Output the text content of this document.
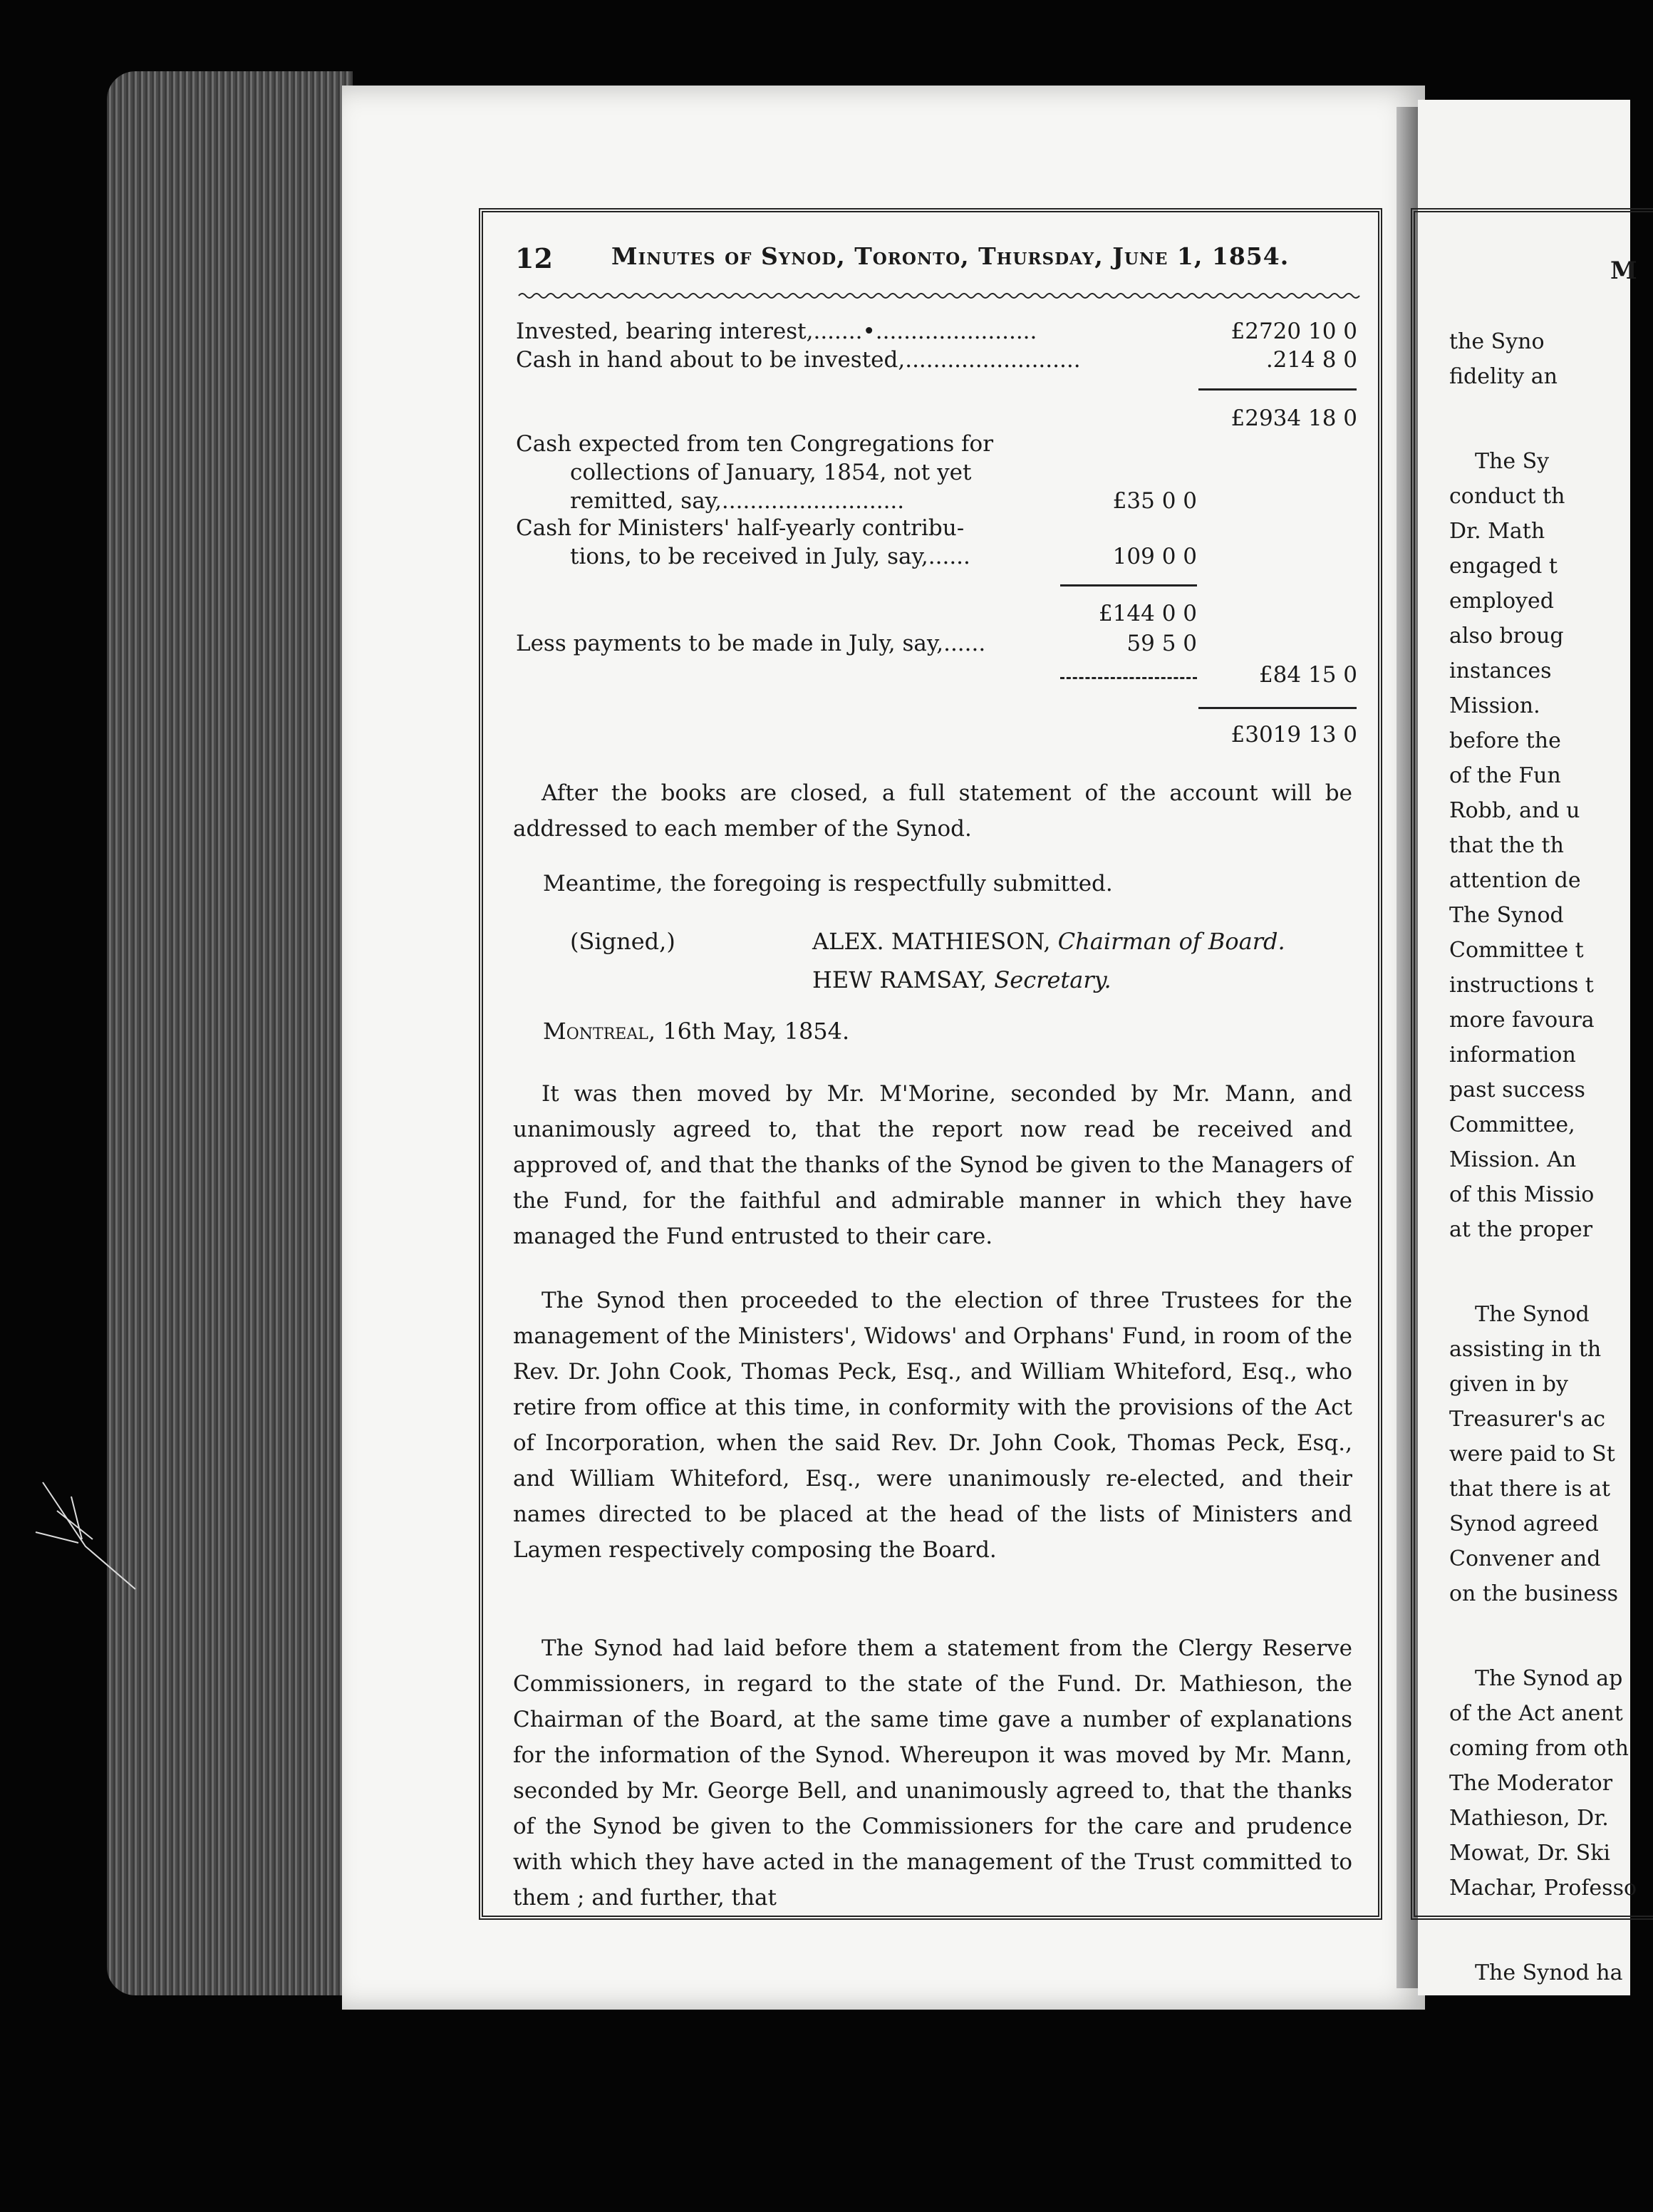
12 Minutes of Synod, Toronto, Thursday, June 1, 1854.
Invested, bearing interest,.......•.......................	£2720 10 0
Cash in hand about to be invested,.........................	.214 8 0
£2934 18 0
Cash expected from ten Congregations for
collections of January, 1854, not yet
remitted, say,..........................	£35 0 0
Cash for Ministers' half-yearly contribu-
tions, to be received in July, say,......	109 0 0
£144 0 0
Less payments to be made in July, say,......	59 5 0
£84 15 0
£3019 13 0

After the books are closed, a full statement of the account will be addressed to each member of the Synod.

Meantime, the foregoing is respectfully submitted.
(Signed,)	ALEX. MATHIESON, Chairman of Board.
HEW RAMSAY, Secretary.
Montreal, 16th May, 1854.

It was then moved by Mr. M'Morine, seconded by Mr. Mann, and unanimously agreed to, that the report now read be received and approved of, and that the thanks of the Synod be given to the Managers of the Fund, for the faithful and admirable manner in which they have managed the Fund entrusted to their care.

The Synod then proceeded to the election of three Trustees for the management of the Ministers', Widows' and Orphans' Fund, in room of the Rev. Dr. John Cook, Thomas Peck, Esq., and William Whiteford, Esq., who retire from office at this time, in conformity with the provisions of the Act of Incorporation, when the said Rev. Dr. John Cook, Thomas Peck, Esq., and William Whiteford, Esq., were unanimously re-elected, and their names directed to be placed at the head of the lists of Ministers and Laymen respectively composing the Board.

The Synod had laid before them a statement from the Clergy Reserve Commissioners, in regard to the state of the Fund. Dr. Mathieson, the Chairman of the Board, at the same time gave a number of explanations for the information of the Synod. Whereupon it was moved by Mr. Mann, seconded by Mr. George Bell, and unanimously agreed to, that the thanks of the Synod be given to the Commissioners for the care and prudence with which they have acted in the management of the Trust committed to them ; and further, that

M
the Syno
fidelity an
The Sy
conduct th
Dr. Math
engaged t
employed
also broug
instances
Mission.
before the
of the Fun
Robb, and u
that the th
attention de
The Synod
Committee t
instructions t
more favoura
information
past success
Committee,
Mission. An
of this Missio
at the proper
The Synod
assisting in th
given in by
Treasurer's ac
were paid to St
that there is at
Synod agreed
Convener and
on the business
The Synod ap
of the Act anent
coming from oth
The Moderator
Mathieson, Dr.
Mowat, Dr. Ski
Machar, Professo
The Synod ha
